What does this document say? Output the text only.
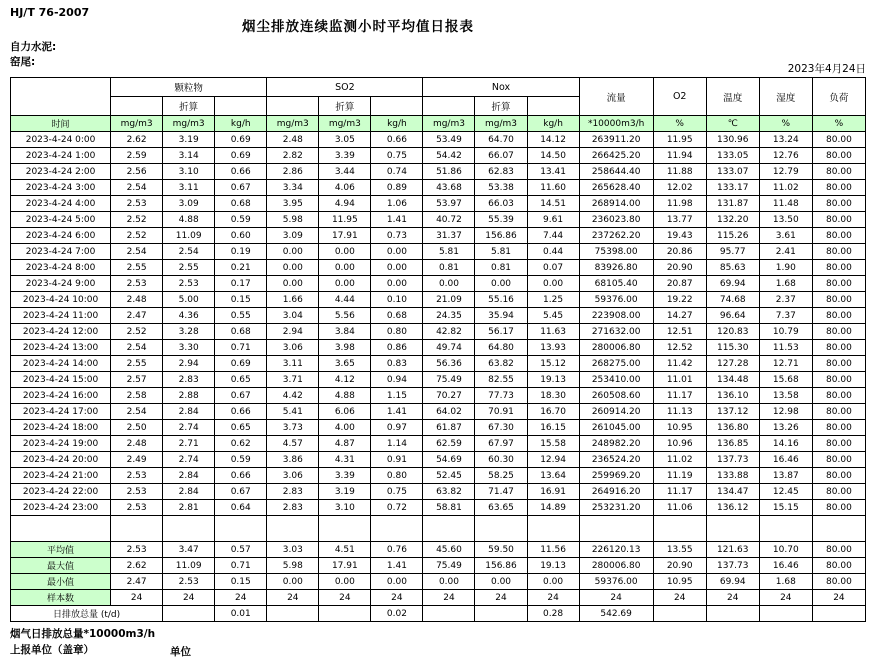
HJ/T 76-2007
烟尘排放连续监测小时平均值日报表
自力水泥:
窑尾:
2023年4月24日
	颗粒物			SO2			Nox			流量	O2	温度	湿度	负荷
		折算			折算			折算						
时间	mg/m3	mg/m3	kg/h	mg/m3	mg/m3	kg/h	mg/m3	mg/m3	kg/h	*10000m3/h	%	℃	%	%
2023-4-24 0:00	2.62	3.19	0.69	2.48	3.05	0.66	53.49	64.70	14.12	263911.20	11.95	130.96	13.24	80.00
2023-4-24 1:00	2.59	3.14	0.69	2.82	3.39	0.75	54.42	66.07	14.50	266425.20	11.94	133.05	12.76	80.00
2023-4-24 2:00	2.56	3.10	0.66	2.86	3.44	0.74	51.86	62.83	13.41	258644.40	11.88	133.07	12.79	80.00
2023-4-24 3:00	2.54	3.11	0.67	3.34	4.06	0.89	43.68	53.38	11.60	265628.40	12.02	133.17	11.02	80.00
2023-4-24 4:00	2.53	3.09	0.68	3.95	4.94	1.06	53.97	66.03	14.51	268914.00	11.98	131.87	11.48	80.00
2023-4-24 5:00	2.52	4.88	0.59	5.98	11.95	1.41	40.72	55.39	9.61	236023.80	13.77	132.20	13.50	80.00
2023-4-24 6:00	2.52	11.09	0.60	3.09	17.91	0.73	31.37	156.86	7.44	237262.20	19.43	115.26	3.61	80.00
2023-4-24 7:00	2.54	2.54	0.19	0.00	0.00	0.00	5.81	5.81	0.44	75398.00	20.86	95.77	2.41	80.00
2023-4-24 8:00	2.55	2.55	0.21	0.00	0.00	0.00	0.81	0.81	0.07	83926.80	20.90	85.63	1.90	80.00
2023-4-24 9:00	2.53	2.53	0.17	0.00	0.00	0.00	0.00	0.00	0.00	68105.40	20.87	69.94	1.68	80.00
2023-4-24 10:00	2.48	5.00	0.15	1.66	4.44	0.10	21.09	55.16	1.25	59376.00	19.22	74.68	2.37	80.00
2023-4-24 11:00	2.47	4.36	0.55	3.04	5.56	0.68	24.35	35.94	5.45	223908.00	14.27	96.64	7.37	80.00
2023-4-24 12:00	2.52	3.28	0.68	2.94	3.84	0.80	42.82	56.17	11.63	271632.00	12.51	120.83	10.79	80.00
2023-4-24 13:00	2.54	3.30	0.71	3.06	3.98	0.86	49.74	64.80	13.93	280006.80	12.52	115.30	11.53	80.00
2023-4-24 14:00	2.55	2.94	0.69	3.11	3.65	0.83	56.36	63.82	15.12	268275.00	11.42	127.28	12.71	80.00
2023-4-24 15:00	2.57	2.83	0.65	3.71	4.12	0.94	75.49	82.55	19.13	253410.00	11.01	134.48	15.68	80.00
2023-4-24 16:00	2.58	2.88	0.67	4.42	4.88	1.15	70.27	77.73	18.30	260508.60	11.17	136.10	13.58	80.00
2023-4-24 17:00	2.54	2.84	0.66	5.41	6.06	1.41	64.02	70.91	16.70	260914.20	11.13	137.12	12.98	80.00
2023-4-24 18:00	2.50	2.74	0.65	3.73	4.00	0.97	61.87	67.30	16.15	261045.00	10.95	136.80	13.26	80.00
2023-4-24 19:00	2.48	2.71	0.62	4.57	4.87	1.14	62.59	67.97	15.58	248982.20	10.96	136.85	14.16	80.00
2023-4-24 20:00	2.49	2.74	0.59	3.86	4.31	0.91	54.69	60.30	12.94	236524.20	11.02	137.73	16.46	80.00
2023-4-24 21:00	2.53	2.84	0.66	3.06	3.39	0.80	52.45	58.25	13.64	259969.20	11.19	133.88	13.87	80.00
2023-4-24 22:00	2.53	2.84	0.67	2.83	3.19	0.75	63.82	71.47	16.91	264916.20	11.17	134.47	12.45	80.00
2023-4-24 23:00	2.53	2.81	0.64	2.83	3.10	0.72	58.81	63.65	14.89	253231.20	11.06	136.12	15.15	80.00

平均值	2.53	3.47	0.57	3.03	4.51	0.76	45.60	59.50	11.56	226120.13	13.55	121.63	10.70	80.00
最大值	2.62	11.09	0.71	5.98	17.91	1.41	75.49	156.86	19.13	280006.80	20.90	137.73	16.46	80.00
最小值	2.47	2.53	0.15	0.00	0.00	0.00	0.00	0.00	0.00	59376.00	10.95	69.94	1.68	80.00
样本数	24	24	24	24	24	24	24	24	24	24	24	24	24	24
日排放总量 (t/d)			0.01			0.02			0.28	542.69				
烟气日排放总量*10000m3/h
上报单位（盖章）	单位
